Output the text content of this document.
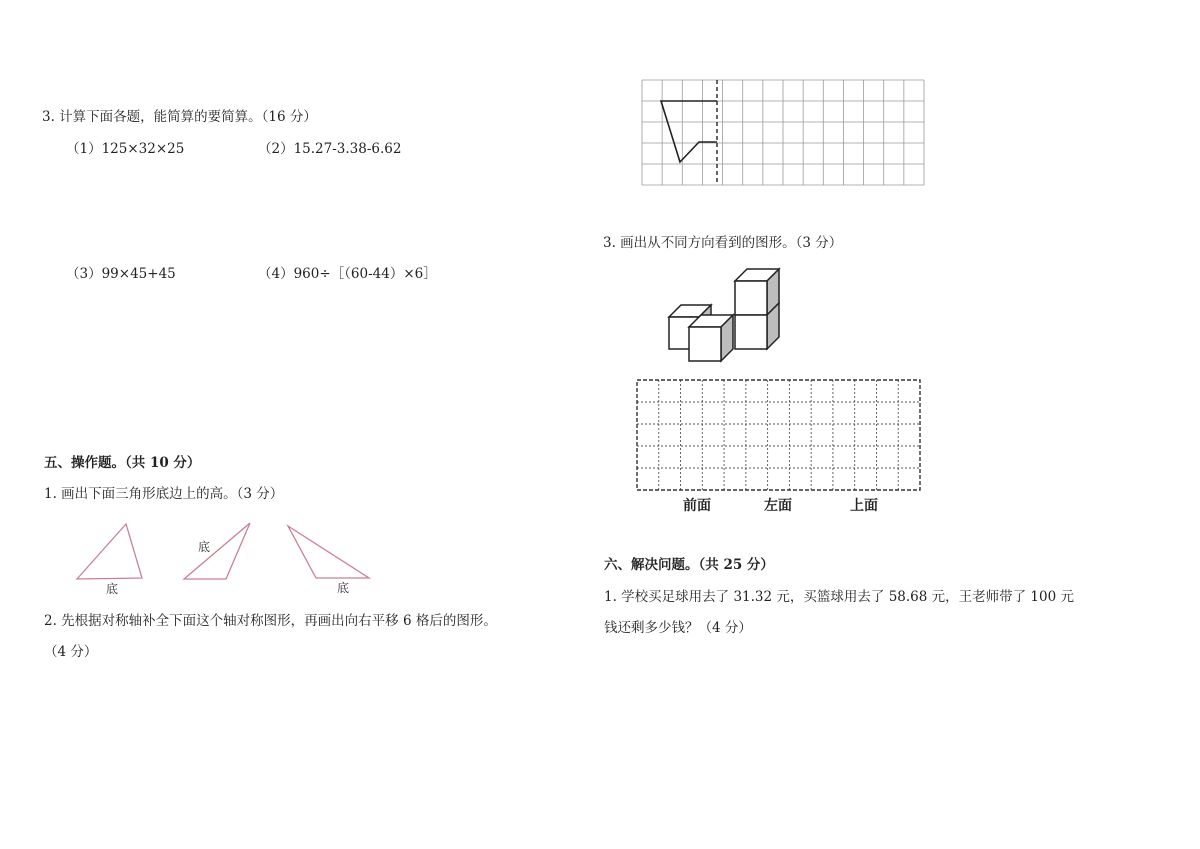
3. 计算下面各题，能简算的要简算。（16 分）
（1）125×32×25	（2）15.27-3.38-6.62
（3）99×45+45	（4）960÷［（60-44）×6］
五、操作题。（共 10 分）
1. 画出下面三角形底边上的高。（3 分）
底
底
底
2. 先根据对称轴补全下面这个轴对称图形，再画出向右平移 6 格后的图形。
（4 分）
3. 画出从不同方向看到的图形。（3 分）
前面	左面	上面
六、解决问题。（共 25 分）
1. 学校买足球用去了 31.32 元，买篮球用去了 58.68 元，王老师带了 100 元
钱还剩多少钱？（4 分）
